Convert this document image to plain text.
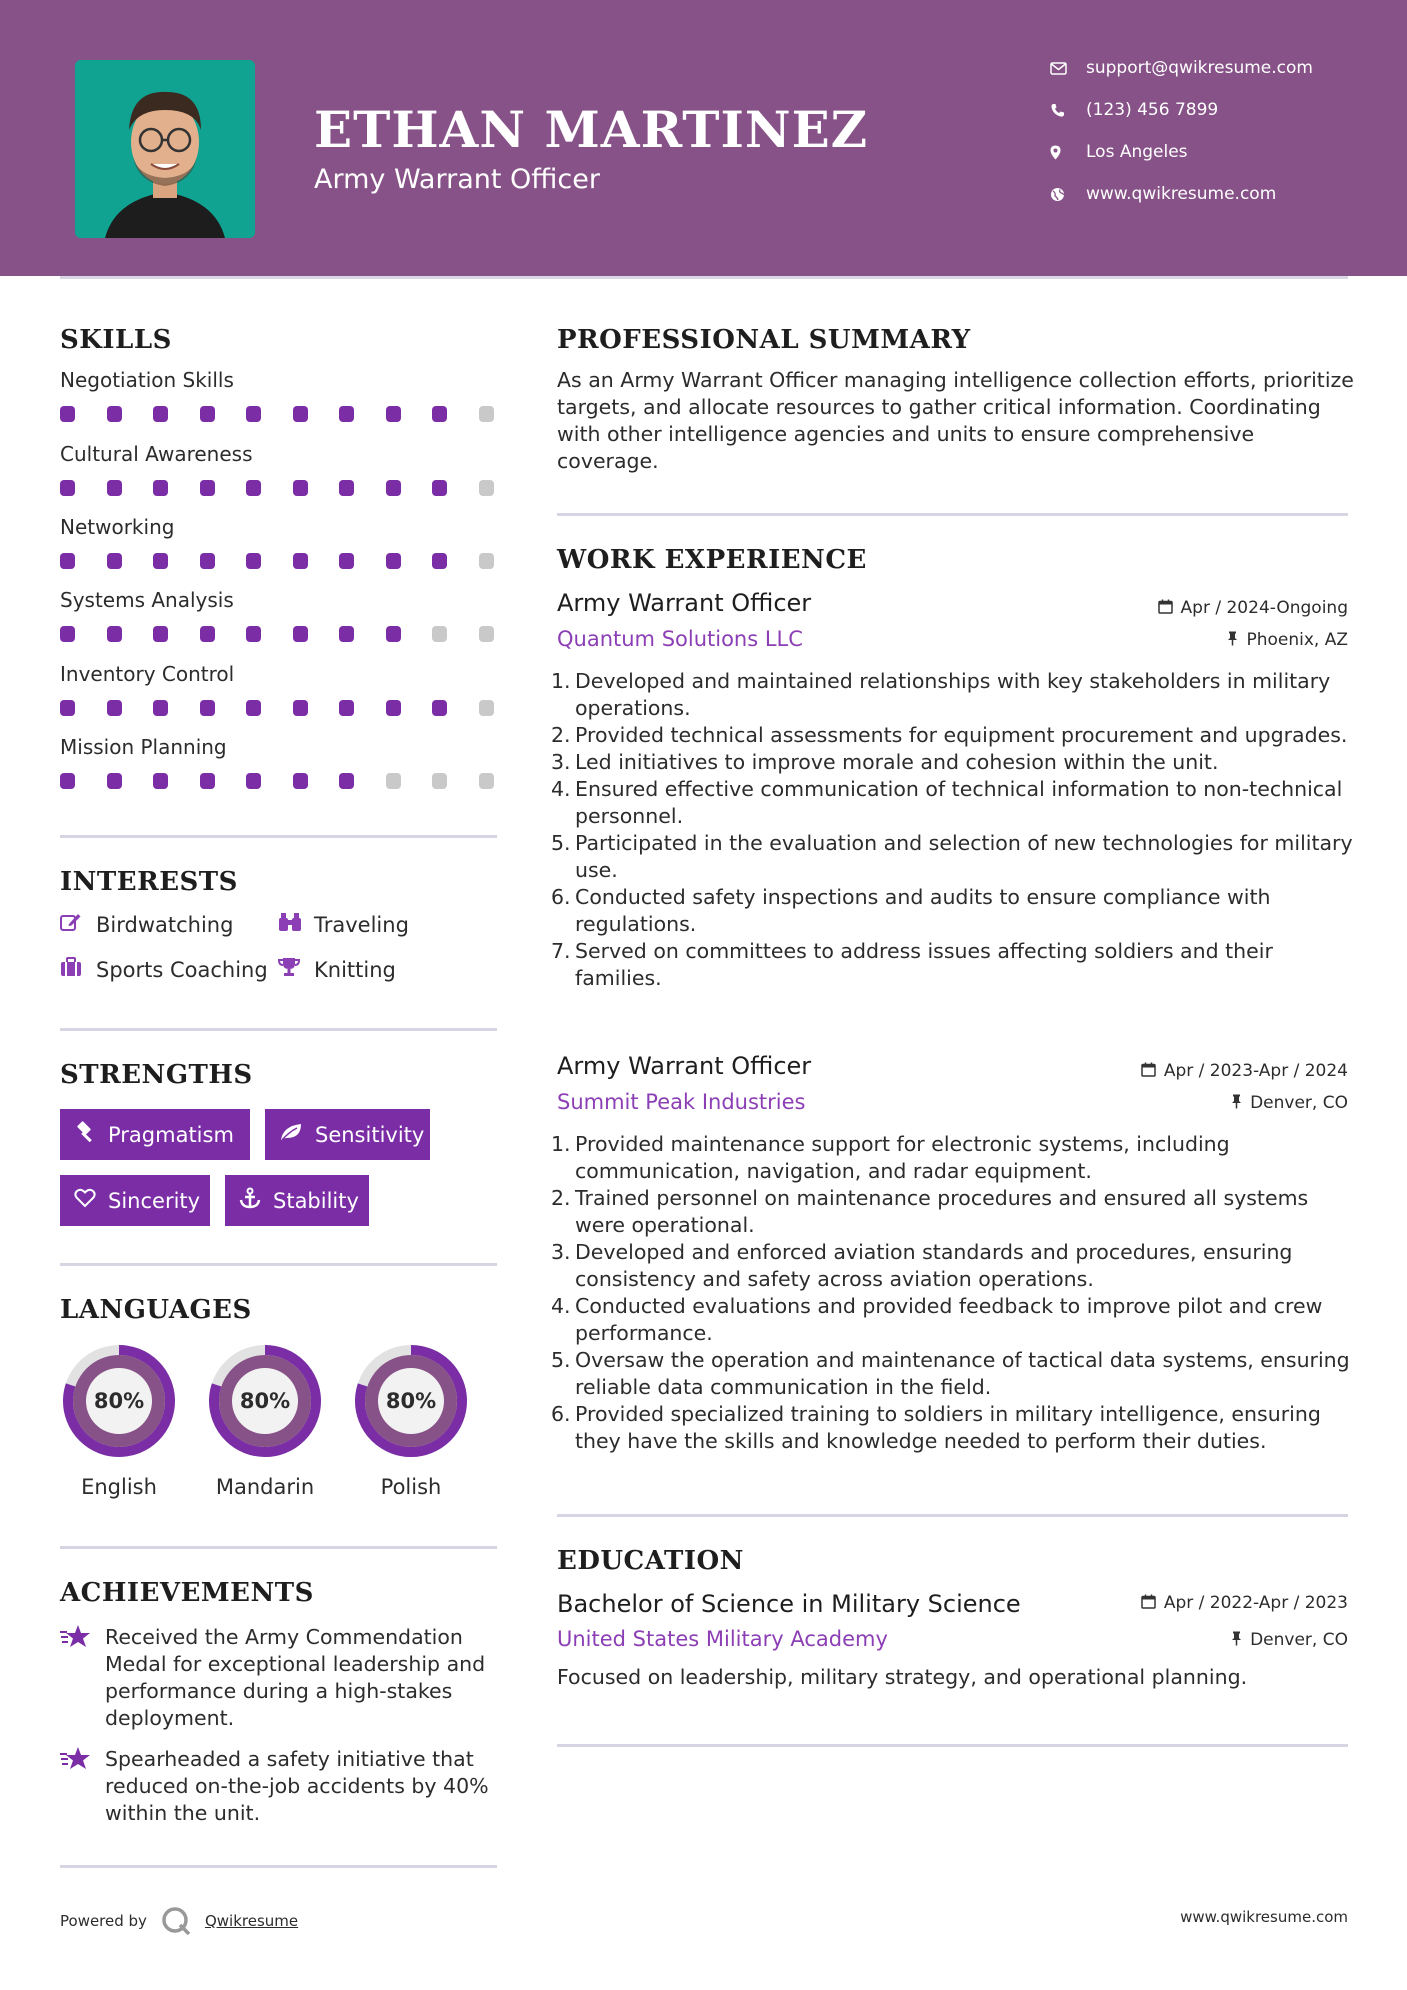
ETHAN MARTINEZ
Army Warrant Officer
support@qwikresume.com
(123) 456 7899
Los Angeles
www.qwikresume.com
SKILLS
Negotiation Skills
Cultural Awareness
Networking
Systems Analysis
Inventory Control
Mission Planning
INTERESTS
Birdwatching	Traveling
Sports Coaching Knitting
STRENGTHS
Pragmatism	Sensitivity
Sincerity	Stability
LANGUAGES
80%	80%	80%
English	Mandarin	Polish
ACHIEVEMENTS
Received the Army Commendation Medal for exceptional leadership and performance during a high-stakes deployment.
Spearheaded a safety initiative that reduced on-the-job accidents by 40% within the unit.
PROFESSIONAL SUMMARY
As an Army Warrant Officer managing intelligence collection efforts, prioritize targets, and allocate resources to gather critical information. Coordinating with other intelligence agencies and units to ensure comprehensive coverage.
WORK EXPERIENCE
Army Warrant Officer	Apr / 2024-Ongoing
Quantum Solutions LLC	Phoenix, AZ
1. Developed and maintained relationships with key stakeholders in military operations.
2. Provided technical assessments for equipment procurement and upgrades.
3. Led initiatives to improve morale and cohesion within the unit.
4. Ensured effective communication of technical information to non-technical personnel.
5. Participated in the evaluation and selection of new technologies for military use.
6. Conducted safety inspections and audits to ensure compliance with regulations.
7. Served on committees to address issues affecting soldiers and their families.
Army Warrant Officer	Apr / 2023-Apr / 2024
Summit Peak Industries	Denver, CO
1. Provided maintenance support for electronic systems, including communication, navigation, and radar equipment.
2. Trained personnel on maintenance procedures and ensured all systems were operational.
3. Developed and enforced aviation standards and procedures, ensuring consistency and safety across aviation operations.
4. Conducted evaluations and provided feedback to improve pilot and crew performance.
5. Oversaw the operation and maintenance of tactical data systems, ensuring reliable data communication in the field.
6. Provided specialized training to soldiers in military intelligence, ensuring they have the skills and knowledge needed to perform their duties.
EDUCATION
Bachelor of Science in Military Science	Apr / 2022-Apr / 2023
United States Military Academy	Denver, CO
Focused on leadership, military strategy, and operational planning.
Powered by	Qwikresume	www.qwikresume.com
